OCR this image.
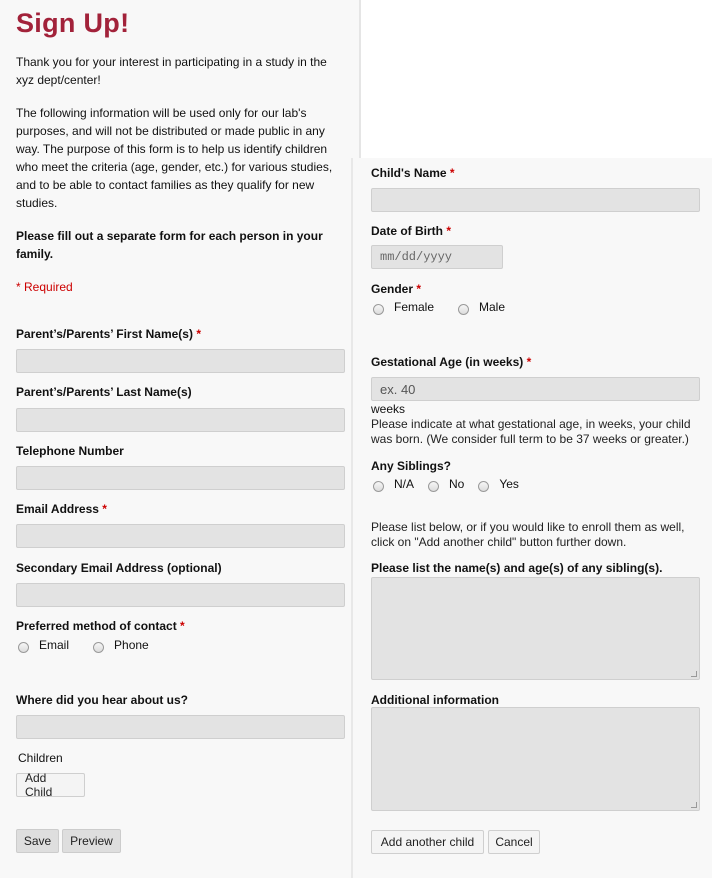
Sign Up!
Thank you for your interest in participating in a study in the xyz dept/center!
The following information will be used only for our lab's purposes, and will not be distributed or made public in any way. The purpose of this form is to help us identify children who meet the criteria (age, gender, etc.) for various studies, and to be able to contact families as they qualify for new studies.
Please fill out a separate form for each person in your family.
* Required
Parent’s/Parents’ First Name(s) *
Parent’s/Parents’ Last Name(s)
Telephone Number
Email Address *
Secondary Email Address (optional)
Preferred method of contact *
Email	Phone
Where did you hear about us?
Children
Add Child
Save	Preview
Child's Name *
Date of Birth *
mm/dd/yyyy
Gender *
Female	Male
Gestational Age (in weeks) *
ex. 40
weeks
Please indicate at what gestational age, in weeks, your child was born. (We consider full term to be 37 weeks or greater.)
Any Siblings?
N/A	No	Yes
Please list below, or if you would like to enroll them as well, click on "Add another child" button further down.
Please list the name(s) and age(s) of any sibling(s).
Additional information
Add another child	Cancel
